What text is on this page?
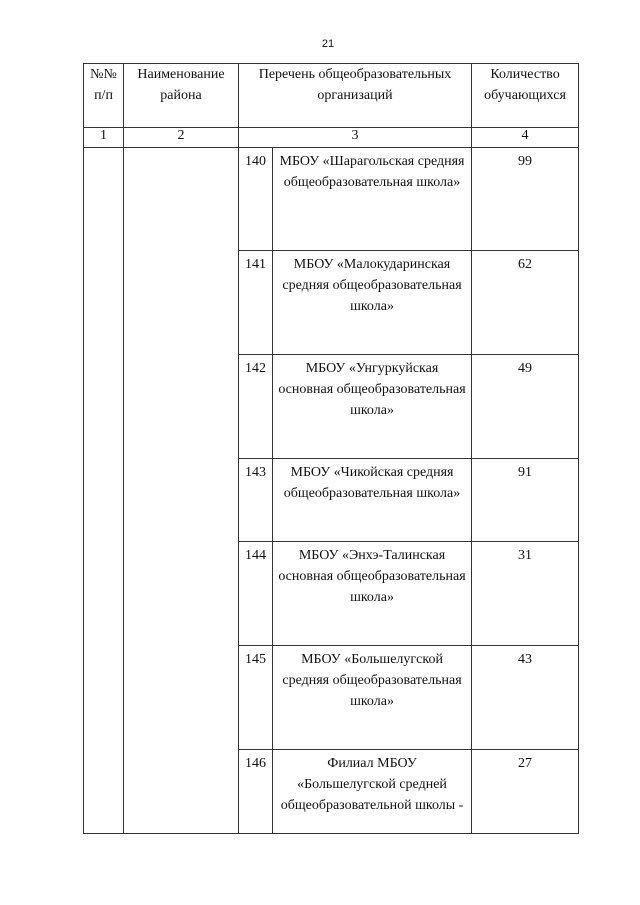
21
№№ п/п	Наименование района	Перечень общеобразовательных организаций		Количество обучающихся
1	2	3		4
		140	МБОУ «Шарагольская средняя общеобразовательная школа»	99
		141	МБОУ «Малокударинская средняя общеобразовательная школа»	62
		142	МБОУ «Унгуркуйская основная общеобразовательная школа»	49
		143	МБОУ «Чикойская средняя общеобразовательная школа»	91
		144	МБОУ «Энхэ-Талинская основная общеобразовательная школа»	31
		145	МБОУ «Большелугской средняя общеобразовательная школа»	43
		146	Филиал МБОУ «Большелугской средней общеобразовательной школы -	27
